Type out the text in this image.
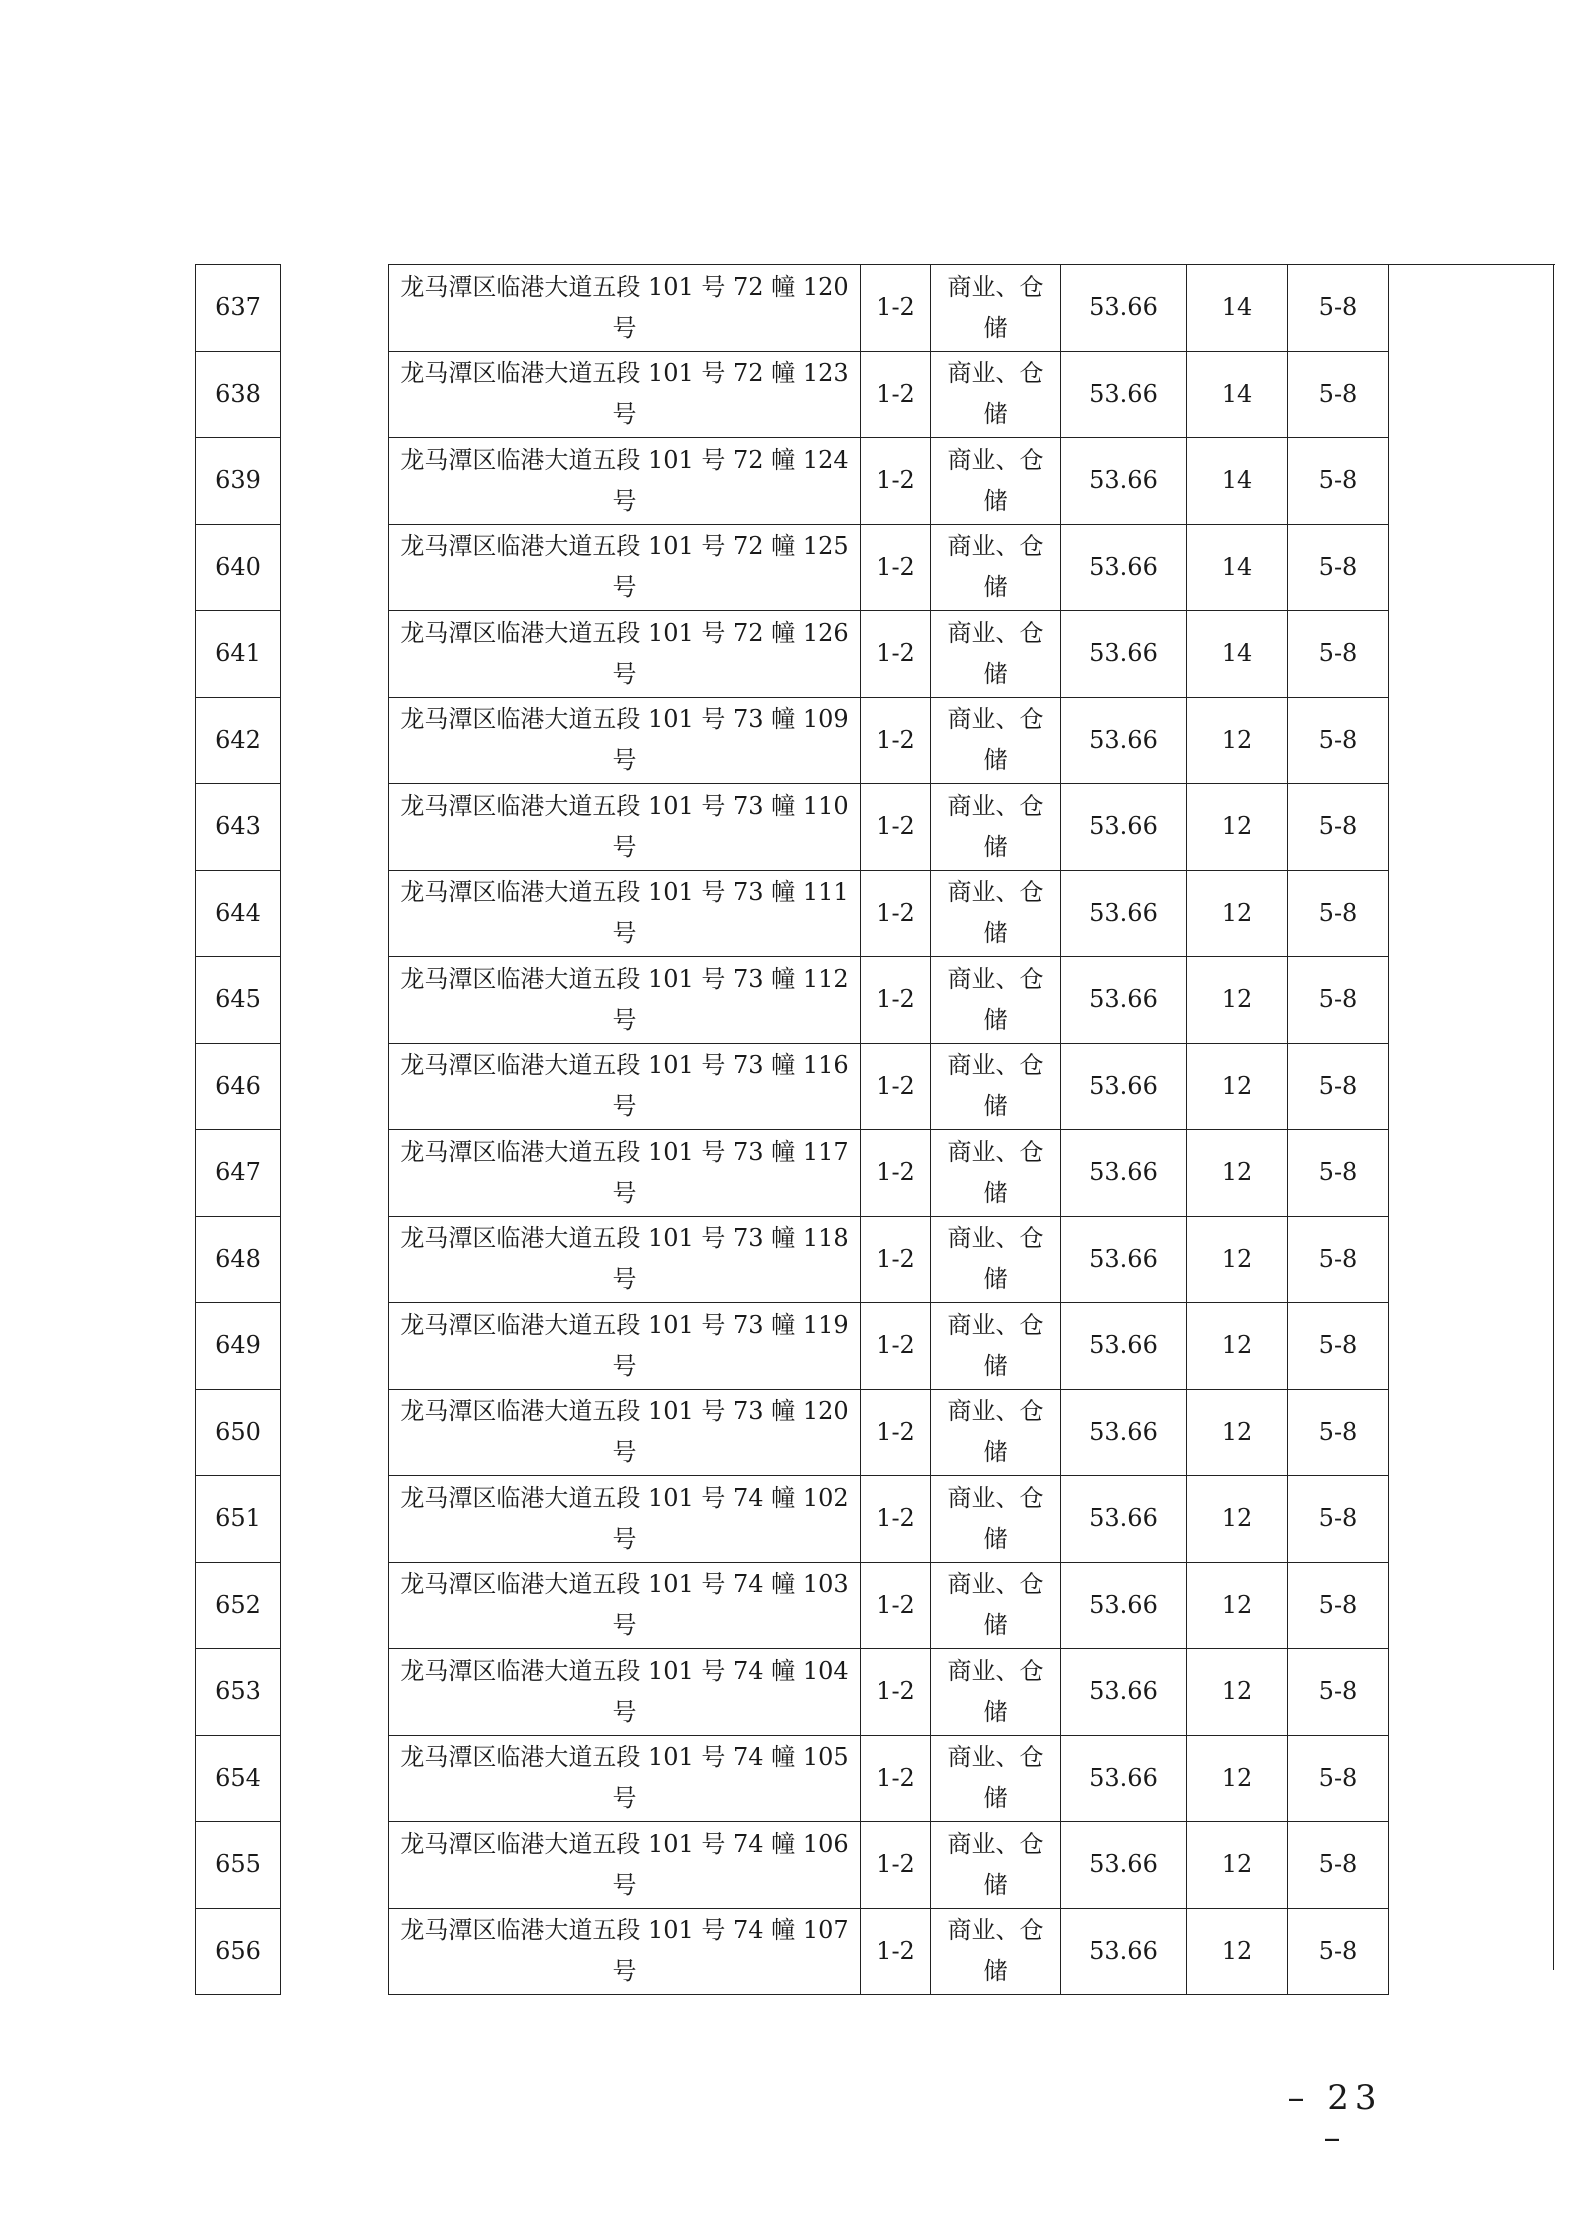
637		龙马潭区临港大道五段 101 号 72 幢 120 号	1-2	商业、仓储	53.66	14	5-8	
638		龙马潭区临港大道五段 101 号 72 幢 123 号	1-2	商业、仓储	53.66	14	5-8	
639		龙马潭区临港大道五段 101 号 72 幢 124 号	1-2	商业、仓储	53.66	14	5-8	
640		龙马潭区临港大道五段 101 号 72 幢 125 号	1-2	商业、仓储	53.66	14	5-8	
641		龙马潭区临港大道五段 101 号 72 幢 126 号	1-2	商业、仓储	53.66	14	5-8	
642		龙马潭区临港大道五段 101 号 73 幢 109 号	1-2	商业、仓储	53.66	12	5-8	
643		龙马潭区临港大道五段 101 号 73 幢 110 号	1-2	商业、仓储	53.66	12	5-8	
644		龙马潭区临港大道五段 101 号 73 幢 111 号	1-2	商业、仓储	53.66	12	5-8	
645		龙马潭区临港大道五段 101 号 73 幢 112 号	1-2	商业、仓储	53.66	12	5-8	
646		龙马潭区临港大道五段 101 号 73 幢 116 号	1-2	商业、仓储	53.66	12	5-8	
647		龙马潭区临港大道五段 101 号 73 幢 117 号	1-2	商业、仓储	53.66	12	5-8	
648		龙马潭区临港大道五段 101 号 73 幢 118 号	1-2	商业、仓储	53.66	12	5-8	
649		龙马潭区临港大道五段 101 号 73 幢 119 号	1-2	商业、仓储	53.66	12	5-8	
650		龙马潭区临港大道五段 101 号 73 幢 120 号	1-2	商业、仓储	53.66	12	5-8	
651		龙马潭区临港大道五段 101 号 74 幢 102 号	1-2	商业、仓储	53.66	12	5-8	
652		龙马潭区临港大道五段 101 号 74 幢 103 号	1-2	商业、仓储	53.66	12	5-8	
653		龙马潭区临港大道五段 101 号 74 幢 104 号	1-2	商业、仓储	53.66	12	5-8	
654		龙马潭区临港大道五段 101 号 74 幢 105 号	1-2	商业、仓储	53.66	12	5-8	
655		龙马潭区临港大道五段 101 号 74 幢 106 号	1-2	商业、仓储	53.66	12	5-8	
656		龙马潭区临港大道五段 101 号 74 幢 107 号	1-2	商业、仓储	53.66	12	5-8	
– 23 –
